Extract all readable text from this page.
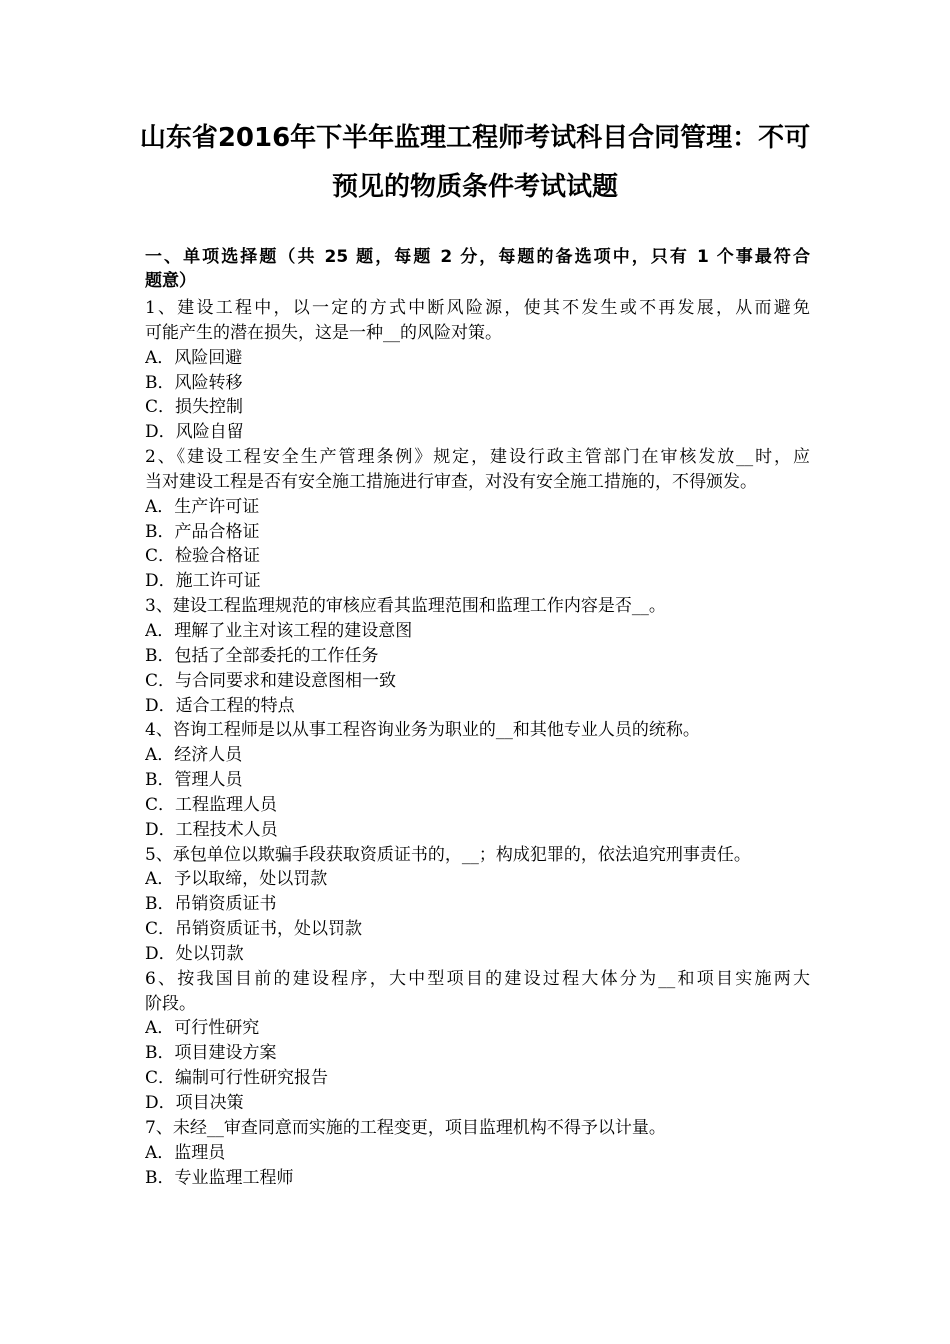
山东省2016年下半年监理工程师考试科目合同管理：不可
预见的物质条件考试试题
一、单项选择题（共 25 题，每题 2 分，每题的备选项中，只有 1 个事最符合
题意）
1、建设工程中，以一定的方式中断风险源，使其不发生或不再发展，从而避免
可能产生的潜在损失，这是一种__的风险对策。
A．风险回避
B．风险转移
C．损失控制
D．风险自留
2、《建设工程安全生产管理条例》规定，建设行政主管部门在审核发放__时，应
当对建设工程是否有安全施工措施进行审查，对没有安全施工措施的，不得颁发。
A．生产许可证
B．产品合格证
C．检验合格证
D．施工许可证
3、建设工程监理规范的审核应看其监理范围和监理工作内容是否__。
A．理解了业主对该工程的建设意图
B．包括了全部委托的工作任务
C．与合同要求和建设意图相一致
D．适合工程的特点
4、咨询工程师是以从事工程咨询业务为职业的__和其他专业人员的统称。
A．经济人员
B．管理人员
C．工程监理人员
D．工程技术人员
5、承包单位以欺骗手段获取资质证书的，__；构成犯罪的，依法追究刑事责任。
A．予以取缔，处以罚款
B．吊销资质证书
C．吊销资质证书，处以罚款
D．处以罚款
6、按我国目前的建设程序，大中型项目的建设过程大体分为__和项目实施两大
阶段。
A．可行性研究
B．项目建设方案
C．编制可行性研究报告
D．项目决策
7、未经__审查同意而实施的工程变更，项目监理机构不得予以计量。
A．监理员
B．专业监理工程师
